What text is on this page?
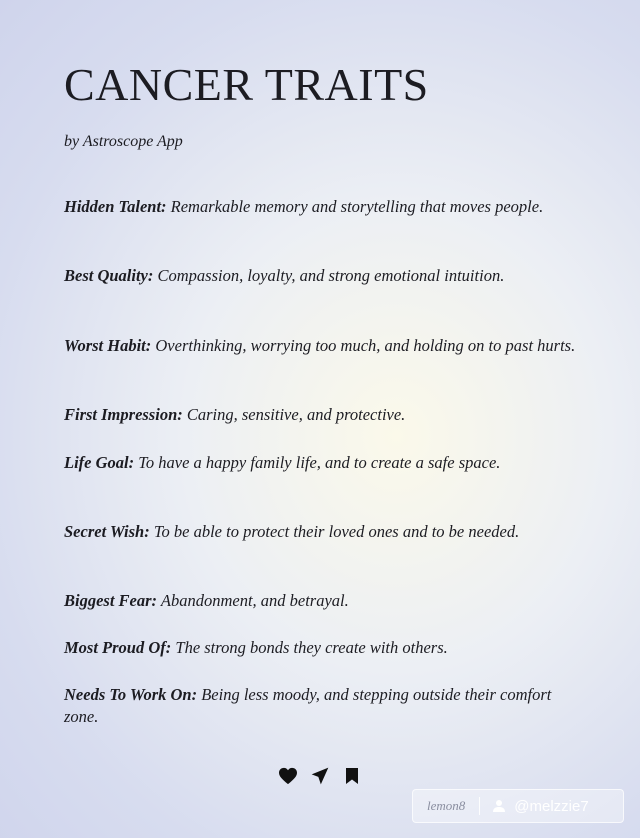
CANCER TRAITS
by Astroscope App

Hidden Talent: Remarkable memory and storytelling that moves people.

Best Quality: Compassion, loyalty, and strong emotional intuition.

Worst Habit: Overthinking, worrying too much, and holding on to past hurts.

First Impression: Caring, sensitive, and protective.

Life Goal: To have a happy family life, and to create a safe space.

Secret Wish: To be able to protect their loved ones and to be needed.

Biggest Fear: Abandonment, and betrayal.

Most Proud Of: The strong bonds they create with others.

Needs To Work On: Being less moody, and stepping outside their comfort zone.

lemon8	@melzzie7
